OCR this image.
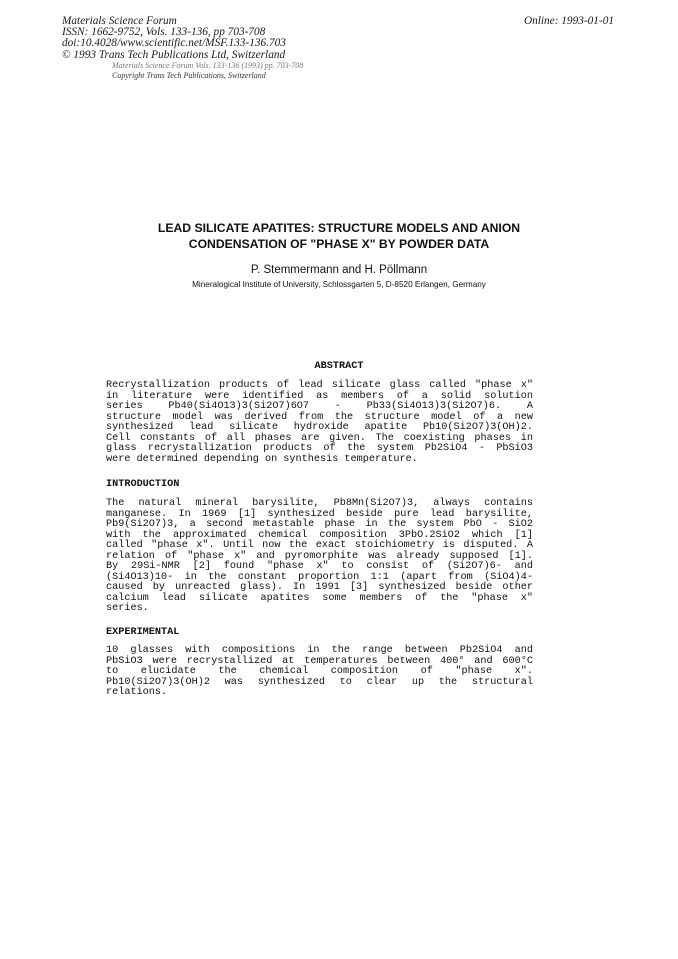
Materials Science Forum
ISSN: 1662-9752, Vols. 133-136, pp 703-708
doi:10.4028/www.scientific.net/MSF.133-136.703
© 1993 Trans Tech Publications Ltd, Switzerland
Online: 1993-01-01
Materials Science Forum Vols. 133-136 (1993) pp. 703-708
Copyright Trans Tech Publications, Switzerland
LEAD SILICATE APATITES: STRUCTURE MODELS AND ANION
CONDENSATION OF "PHASE X" BY POWDER DATA
P. Stemmermann and H. Pöllmann
Mineralogical Institute of University, Schlossgarten 5, D-8520 Erlangen, Germany
ABSTRACT
Recrystallization products of lead silicate glass called "phase x"
in literature were identified as members of a solid solution
series Pb40(Si4O13)3(Si2O7)6O7 - Pb33(Si4O13)3(Si2O7)6. A
structure model was derived from the structure model of a new
synthesized lead silicate hydroxide apatite Pb10(Si2O7)3(OH)2.
Cell constants of all phases are given. The coexisting phases in
glass recrystallization products of the system Pb2SiO4 - PbSiO3
were determined depending on synthesis temperature.
INTRODUCTION
The natural mineral barysilite, Pb8Mn(Si2O7)3, always contains
manganese. In 1969 [1] synthesized beside pure lead barysilite,
Pb9(Si2O7)3, a second metastable phase in the system PbO - SiO2
with the approximated chemical composition 3PbO.2SiO2 which [1]
called "phase x". Until now the exact stoichiometry is disputed. A
relation of "phase x" and pyromorphite was already supposed [1].
By 29Si-NMR [2] found "phase x" to consist of (Si2O7)6- and
(Si4O13)10- in the constant proportion 1:1 (apart from (SiO4)4-
caused by unreacted glass). In 1991 [3] synthesized beside other
calcium lead silicate apatites some members of the "phase x"
series.
EXPERIMENTAL
10 glasses with compositions in the range between Pb2SiO4 and
PbSiO3 were recrystallized at temperatures between 400° and 600°C
to elucidate the chemical composition of "phase x".
Pb10(Si2O7)3(OH)2 was synthesized to clear up the structural
relations.
